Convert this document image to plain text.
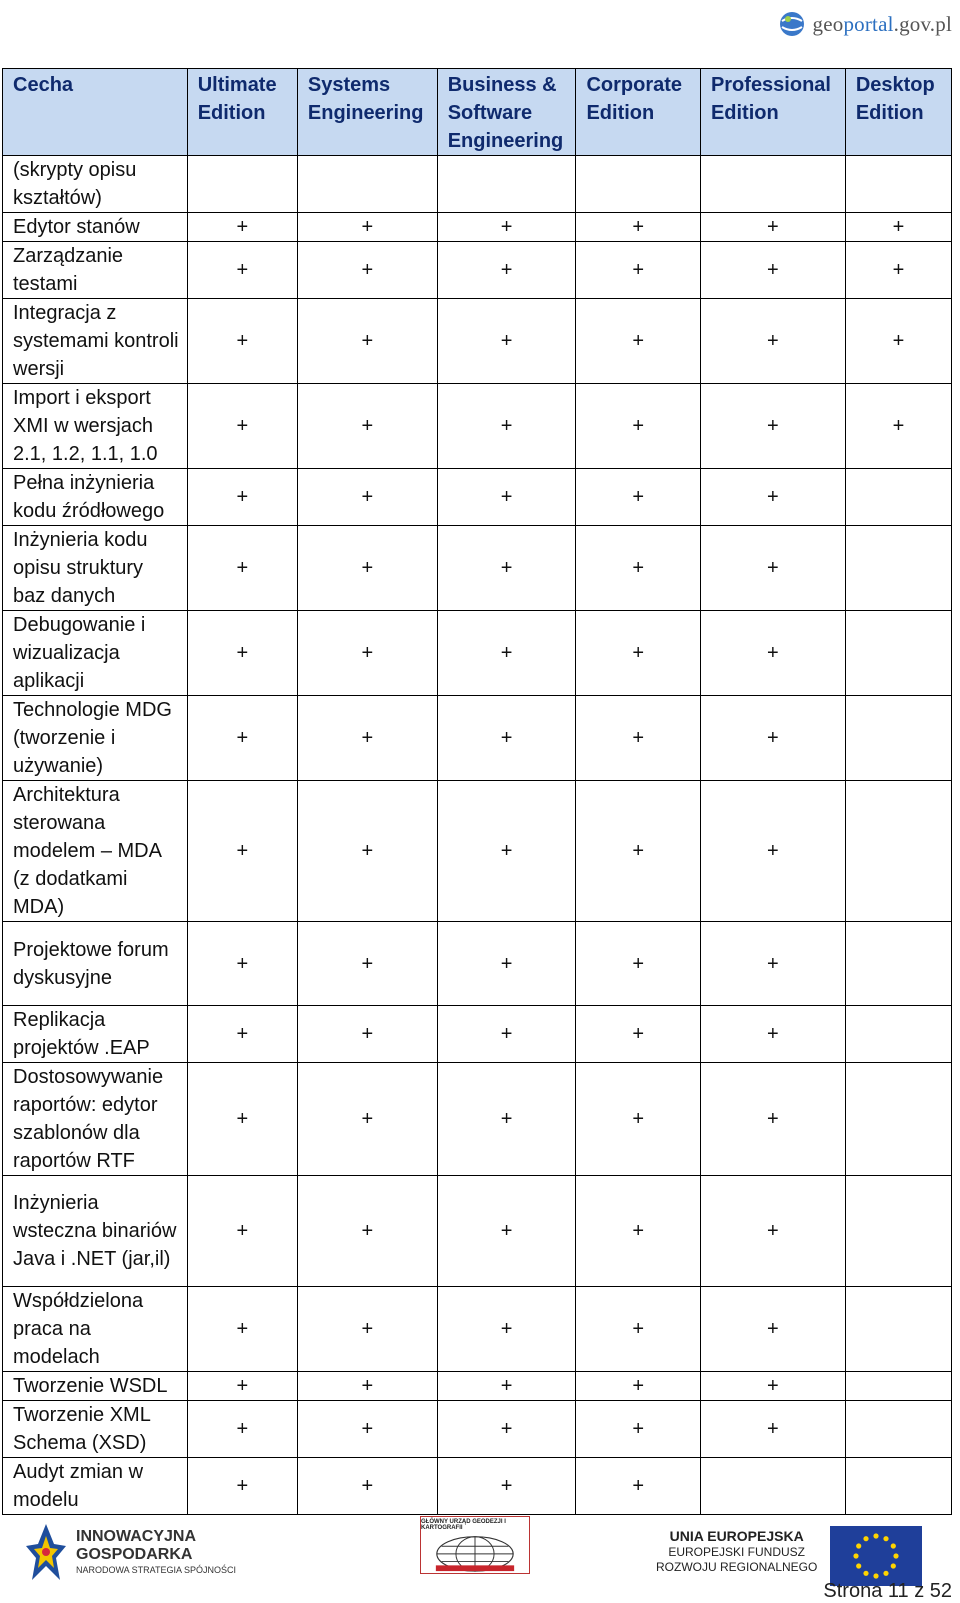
geoportal.gov.pl
Cecha	Ultimate Edition	Systems Engineering	Business & Software Engineering	Corporate Edition	Professional Edition	Desktop Edition
(skrypty opisu kształtów)						
Edytor stanów	+	+	+	+	+	+
Zarządzanie testami	+	+	+	+	+	+
Integracja z systemami kontroli wersji	+	+	+	+	+	+
Import i eksport XMI w wersjach 2.1, 1.2, 1.1, 1.0	+	+	+	+	+	+
Pełna inżynieria kodu źródłowego	+	+	+	+	+	
Inżynieria kodu opisu struktury baz danych	+	+	+	+	+	
Debugowanie i wizualizacja aplikacji	+	+	+	+	+	
Technologie MDG (tworzenie i używanie)	+	+	+	+	+	
Architektura sterowana modelem – MDA (z dodatkami MDA)	+	+	+	+	+	
Projektowe forum dyskusyjne	+	+	+	+	+	
Replikacja projektów .EAP	+	+	+	+	+	
Dostosowywanie raportów: edytor szablonów dla raportów RTF	+	+	+	+	+	
Inżynieria wsteczna binariów Java i .NET (jar,il)	+	+	+	+	+	
Współdzielona praca na modelach	+	+	+	+	+	
Tworzenie WSDL	+	+	+	+	+	
Tworzenie XML Schema (XSD)	+	+	+	+	+	
Audyt zmian w modelu	+	+	+	+		
INNOWACYJNA
GOSPODARKA
NARODOWA STRATEGIA SPÓJNOŚCI
GŁÓWNY URZĄD GEODEZJI I KARTOGRAFII	UNIA EUROPEJSKA
EUROPEJSKI FUNDUSZ
ROZWOJU REGIONALNEGO
Strona 11 z 52
